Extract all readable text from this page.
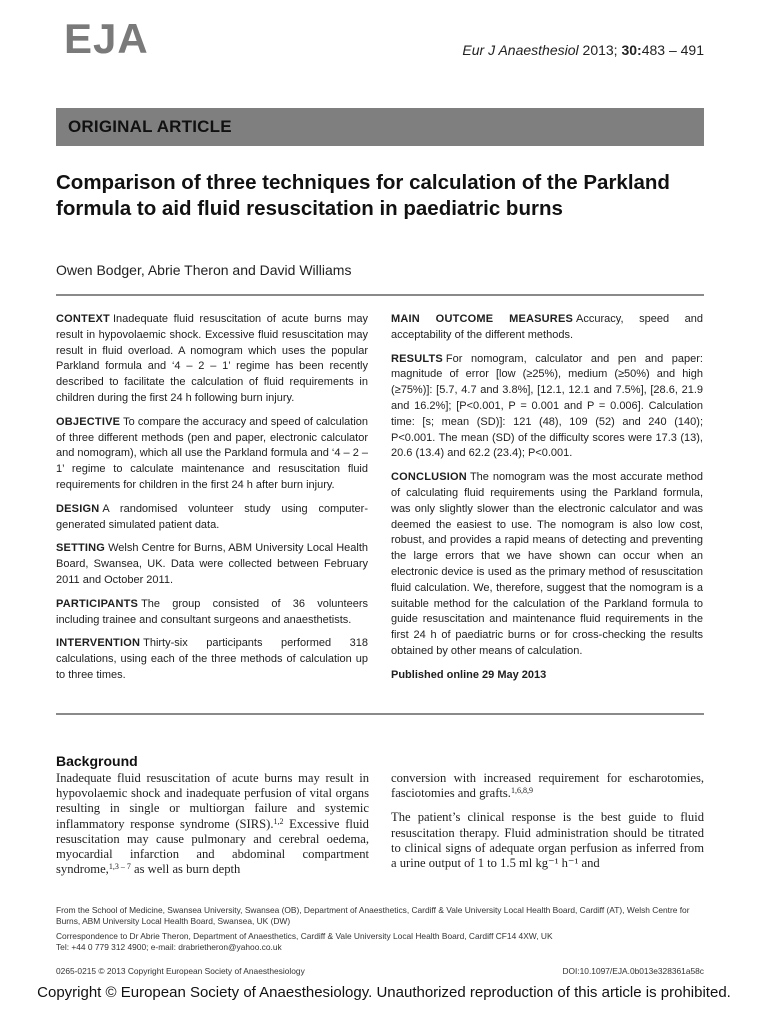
EJA	Eur J Anaesthesiol 2013; 30:483 – 491
ORIGINAL ARTICLE
Comparison of three techniques for calculation of the Parkland formula to aid fluid resuscitation in paediatric burns
Owen Bodger, Abrie Theron and David Williams

CONTEXT Inadequate fluid resuscitation of acute burns may result in hypovolaemic shock. Excessive fluid resuscitation may result in fluid overload. A nomogram which uses the popular Parkland formula and ‘4 – 2 – 1’ regime has been recently described to facilitate the calculation of fluid requirements in children during the first 24 h following burn injury.

OBJECTIVE To compare the accuracy and speed of calculation of three different methods (pen and paper, electronic calculator and nomogram), which all use the Parkland formula and ‘4 – 2 – 1’ regime to calculate maintenance and resuscitation fluid requirements for children in the first 24 h after burn injury.

DESIGN A randomised volunteer study using computer-generated simulated patient data.

SETTING Welsh Centre for Burns, ABM University Local Health Board, Swansea, UK. Data were collected between February 2011 and October 2011.

PARTICIPANTS The group consisted of 36 volunteers including trainee and consultant surgeons and anaesthetists.

INTERVENTION Thirty-six participants performed 318 calculations, using each of the three methods of calculation up to three times.

MAIN OUTCOME MEASURES Accuracy, speed and acceptability of the different methods.

RESULTS For nomogram, calculator and pen and paper: magnitude of error [low (≥25%), medium (≥50%) and high (≥75%)]: [5.7, 4.7 and 3.8%], [12.1, 12.1 and 7.5%], [28.6, 21.9 and 16.2%]; [P<0.001, P = 0.001 and P = 0.006]. Calculation time: [s; mean (SD)]: 121 (48), 109 (52) and 240 (140); P<0.001. The mean (SD) of the difficulty scores were 17.3 (13), 20.6 (13.4) and 62.2 (23.4); P<0.001.

CONCLUSION The nomogram was the most accurate method of calculating fluid requirements using the Parkland formula, was only slightly slower than the electronic calculator and was deemed the easiest to use. The nomogram is also low cost, robust, and provides a rapid means of detecting and preventing the large errors that we have shown can occur when an electronic device is used as the primary method of resuscitation fluid calculation. We, therefore, suggest that the nomogram is a suitable method for the calculation of the Parkland formula to guide resuscitation and maintenance fluid requirements in the first 24 h of paediatric burns or for cross-checking the results obtained by other means of calculation.

Published online 29 May 2013

Background

Inadequate fluid resuscitation of acute burns may result in hypovolaemic shock and inadequate perfusion of vital organs resulting in single or multiorgan failure and systemic inflammatory response syndrome (SIRS).$^{1,2}$ Excessive fluid resuscitation may cause pulmonary and cerebral oedema, myocardial infarction and abdominal compartment syndrome,$^{1,3 - 7}$ as well as burn depth

conversion with increased requirement for escharotomies, fasciotomies and grafts.$^{1,6,8,9}$

The patient’s clinical response is the best guide to fluid resuscitation therapy. Fluid administration should be titrated to clinical signs of adequate organ perfusion as inferred from a urine output of 1 to 1.5 ml kg⁻¹ h⁻¹ and

From the School of Medicine, Swansea University, Swansea (OB), Department of Anaesthetics, Cardiff & Vale University Local Health Board, Cardiff (AT), Welsh Centre for Burns, ABM University Local Health Board, Swansea, UK (DW)

Correspondence to Dr Abrie Theron, Department of Anaesthetics, Cardiff & Vale University Local Health Board, Cardiff CF14 4XW, UK
Tel: +44 0 779 312 4900; e-mail: drabrietheron@yahoo.co.uk

0265-0215 © 2013 Copyright European Society of Anaesthesiology	DOI:10.1097/EJA.0b013e328361a58c
Copyright © European Society of Anaesthesiology. Unauthorized reproduction of this article is prohibited.
